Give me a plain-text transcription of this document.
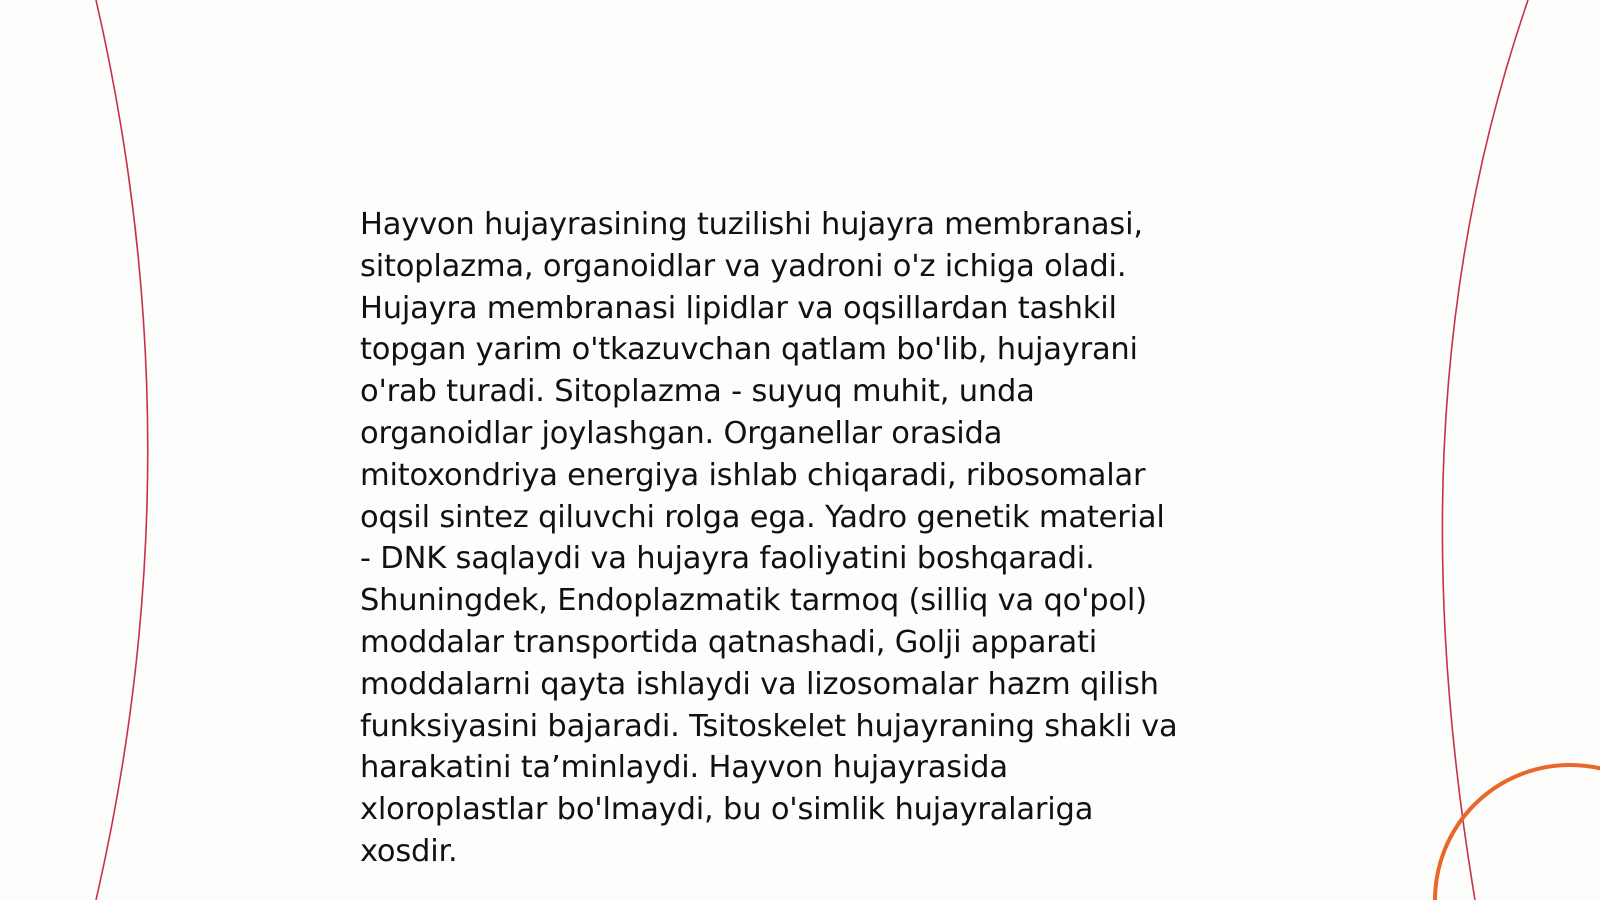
Hayvon hujayrasining tuzilishi hujayra membranasi,
sitoplazma, organoidlar va yadroni o'z ichiga oladi.
Hujayra membranasi lipidlar va oqsillardan tashkil
topgan yarim o'tkazuvchan qatlam bo'lib, hujayrani
o'rab turadi. Sitoplazma - suyuq muhit, unda
organoidlar joylashgan. Organellar orasida
mitoxondriya energiya ishlab chiqaradi, ribosomalar
oqsil sintez qiluvchi rolga ega. Yadro genetik material
- DNK saqlaydi va hujayra faoliyatini boshqaradi.
Shuningdek, Endoplazmatik tarmoq (silliq va qo'pol)
moddalar transportida qatnashadi, Golji apparati
moddalarni qayta ishlaydi va lizosomalar hazm qilish
funksiyasini bajaradi. Tsitoskelet hujayraning shakli va
harakatini ta’minlaydi. Hayvon hujayrasida
xloroplastlar bo'lmaydi, bu o'simlik hujayralariga
xosdir.
